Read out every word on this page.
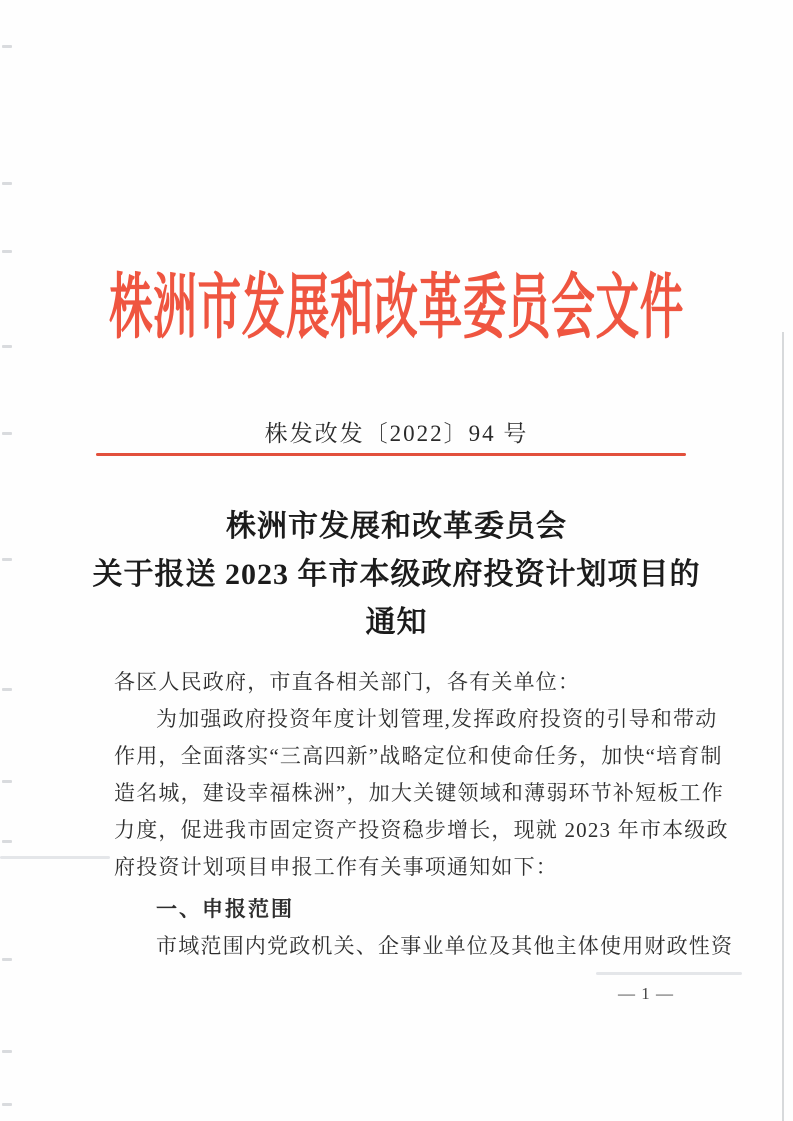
株洲市发展和改革委员会文件
株发改发〔2022〕94 号
株洲市发展和改革委员会
关于报送 2023 年市本级政府投资计划项目的
通知
各区人民政府，市直各相关部门，各有关单位：
为加强政府投资年度计划管理,发挥政府投资的引导和带动
作用，全面落实“三高四新”战略定位和使命任务，加快“培育制
造名城，建设幸福株洲”，加大关键领域和薄弱环节补短板工作
力度，促进我市固定资产投资稳步增长，现就 2023 年市本级政
府投资计划项目申报工作有关事项通知如下：
一、申报范围
市域范围内党政机关、企事业单位及其他主体使用财政性资
— 1 —
